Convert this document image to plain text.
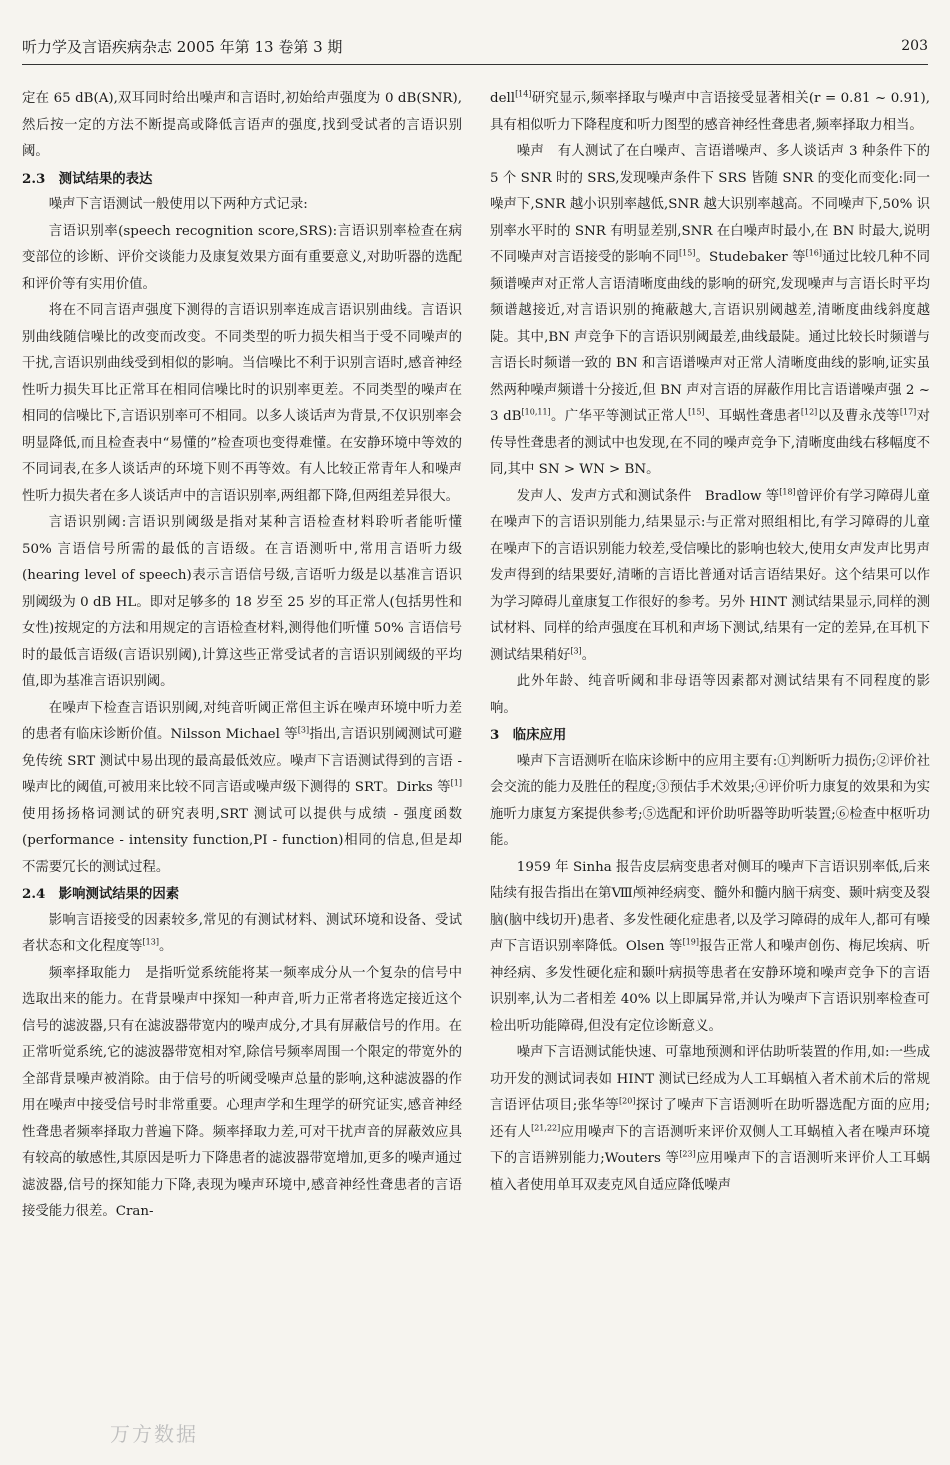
听力学及言语疾病杂志 2005 年第 13 卷第 3 期	203

定在 65 dB(A),双耳同时给出噪声和言语时,初始给声强度为 0 dB(SNR),然后按一定的方法不断提高或降低言语声的强度,找到受试者的言语识别阈。

2.3　测试结果的表达

噪声下言语测试一般使用以下两种方式记录:

言语识别率(speech recognition score,SRS):言语识别率检查在病变部位的诊断、评价交谈能力及康复效果方面有重要意义,对助听器的选配和评价等有实用价值。

将在不同言语声强度下测得的言语识别率连成言语识别曲线。言语识别曲线随信噪比的改变而改变。不同类型的听力损失相当于受不同噪声的干扰,言语识别曲线受到相似的影响。当信噪比不利于识别言语时,感音神经性听力损失耳比正常耳在相同信噪比时的识别率更差。不同类型的噪声在相同的信噪比下,言语识别率可不相同。以多人谈话声为背景,不仅识别率会明显降低,而且检查表中“易懂的”检查项也变得难懂。在安静环境中等效的不同词表,在多人谈话声的环境下则不再等效。有人比较正常青年人和噪声性听力损失者在多人谈话声中的言语识别率,两组都下降,但两组差异很大。

言语识别阈:言语识别阈级是指对某种言语检查材料聆听者能听懂 50% 言语信号所需的最低的言语级。在言语测听中,常用言语听力级(hearing level of speech)表示言语信号级,言语听力级是以基准言语识别阈级为 0 dB HL。即对足够多的 18 岁至 25 岁的耳正常人(包括男性和女性)按规定的方法和用规定的言语检查材料,测得他们听懂 50% 言语信号时的最低言语级(言语识别阈),计算这些正常受试者的言语识别阈级的平均值,即为基准言语识别阈。

在噪声下检查言语识别阈,对纯音听阈正常但主诉在噪声环境中听力差的患者有临床诊断价值。Nilsson Michael 等[3]指出,言语识别阈测试可避免传统 SRT 测试中易出现的最高最低效应。噪声下言语测试得到的言语 - 噪声比的阈值,可被用来比较不同言语或噪声级下测得的 SRT。Dirks 等[1]使用扬扬格词测试的研究表明,SRT 测试可以提供与成绩 - 强度函数(performance - intensity function,PI - function)相同的信息,但是却不需要冗长的测试过程。

2.4　影响测试结果的因素

影响言语接受的因素较多,常见的有测试材料、测试环境和设备、受试者状态和文化程度等[13]。

频率择取能力　是指听觉系统能将某一频率成分从一个复杂的信号中选取出来的能力。在背景噪声中探知一种声音,听力正常者将选定接近这个信号的滤波器,只有在滤波器带宽内的噪声成分,才具有屏蔽信号的作用。在正常听觉系统,它的滤波器带宽相对窄,除信号频率周围一个限定的带宽外的全部背景噪声被消除。由于信号的听阈受噪声总量的影响,这种滤波器的作用在噪声中接受信号时非常重要。心理声学和生理学的研究证实,感音神经性聋患者频率择取力普遍下降。频率择取力差,可对干扰声音的屏蔽效应具有较高的敏感性,其原因是听力下降患者的滤波器带宽增加,更多的噪声通过滤波器,信号的探知能力下降,表现为噪声环境中,感音神经性聋患者的言语接受能力很差。Cran-

dell[14]研究显示,频率择取与噪声中言语接受显著相关(r = 0.81 ~ 0.91),具有相似听力下降程度和听力图型的感音神经性聋患者,频率择取力相当。

噪声　有人测试了在白噪声、言语谱噪声、多人谈话声 3 种条件下的 5 个 SNR 时的 SRS,发现噪声条件下 SRS 皆随 SNR 的变化而变化:同一噪声下,SNR 越小识别率越低,SNR 越大识别率越高。不同噪声下,50% 识别率水平时的 SNR 有明显差别,SNR 在白噪声时最小,在 BN 时最大,说明不同噪声对言语接受的影响不同[15]。Studebaker 等[16]通过比较几种不同频谱噪声对正常人言语清晰度曲线的影响的研究,发现噪声与言语长时平均频谱越接近,对言语识别的掩蔽越大,言语识别阈越差,清晰度曲线斜度越陡。其中,BN 声竞争下的言语识别阈最差,曲线最陡。通过比较长时频谱与言语长时频谱一致的 BN 和言语谱噪声对正常人清晰度曲线的影响,证实虽然两种噪声频谱十分接近,但 BN 声对言语的屏蔽作用比言语谱噪声强 2 ~ 3 dB[10,11]。广华平等测试正常人[15]、耳蜗性聋患者[12]以及曹永茂等[17]对传导性聋患者的测试中也发现,在不同的噪声竞争下,清晰度曲线右移幅度不同,其中 SN > WN > BN。

发声人、发声方式和测试条件　Bradlow 等[18]曾评价有学习障碍儿童在噪声下的言语识别能力,结果显示:与正常对照组相比,有学习障碍的儿童在噪声下的言语识别能力较差,受信噪比的影响也较大,使用女声发声比男声发声得到的结果要好,清晰的言语比普通对话言语结果好。这个结果可以作为学习障碍儿童康复工作很好的参考。另外 HINT 测试结果显示,同样的测试材料、同样的给声强度在耳机和声场下测试,结果有一定的差异,在耳机下测试结果稍好[3]。

此外年龄、纯音听阈和非母语等因素都对测试结果有不同程度的影响。

3　临床应用

噪声下言语测听在临床诊断中的应用主要有:①判断听力损伤;②评价社会交流的能力及胜任的程度;③预估手术效果;④评价听力康复的效果和为实施听力康复方案提供参考;⑤选配和评价助听器等助听装置;⑥检查中枢听功能。

1959 年 Sinha 报告皮层病变患者对侧耳的噪声下言语识别率低,后来陆续有报告指出在第Ⅷ颅神经病变、髓外和髓内脑干病变、颞叶病变及裂脑(脑中线切开)患者、多发性硬化症患者,以及学习障碍的成年人,都可有噪声下言语识别率降低。Olsen 等[19]报告正常人和噪声创伤、梅尼埃病、听神经病、多发性硬化症和颞叶病损等患者在安静环境和噪声竞争下的言语识别率,认为二者相差 40% 以上即属异常,并认为噪声下言语识别率检查可检出听功能障碍,但没有定位诊断意义。

噪声下言语测试能快速、可靠地预测和评估助听装置的作用,如:一些成功开发的测试词表如 HINT 测试已经成为人工耳蜗植入者术前术后的常规言语评估项目;张华等[20]探讨了噪声下言语测听在助听器选配方面的应用;还有人[21,22]应用噪声下的言语测听来评价双侧人工耳蜗植入者在噪声环境下的言语辨别能力;Wouters 等[23]应用噪声下的言语测听来评价人工耳蜗植入者使用单耳双麦克风自适应降低噪声

万方数据
